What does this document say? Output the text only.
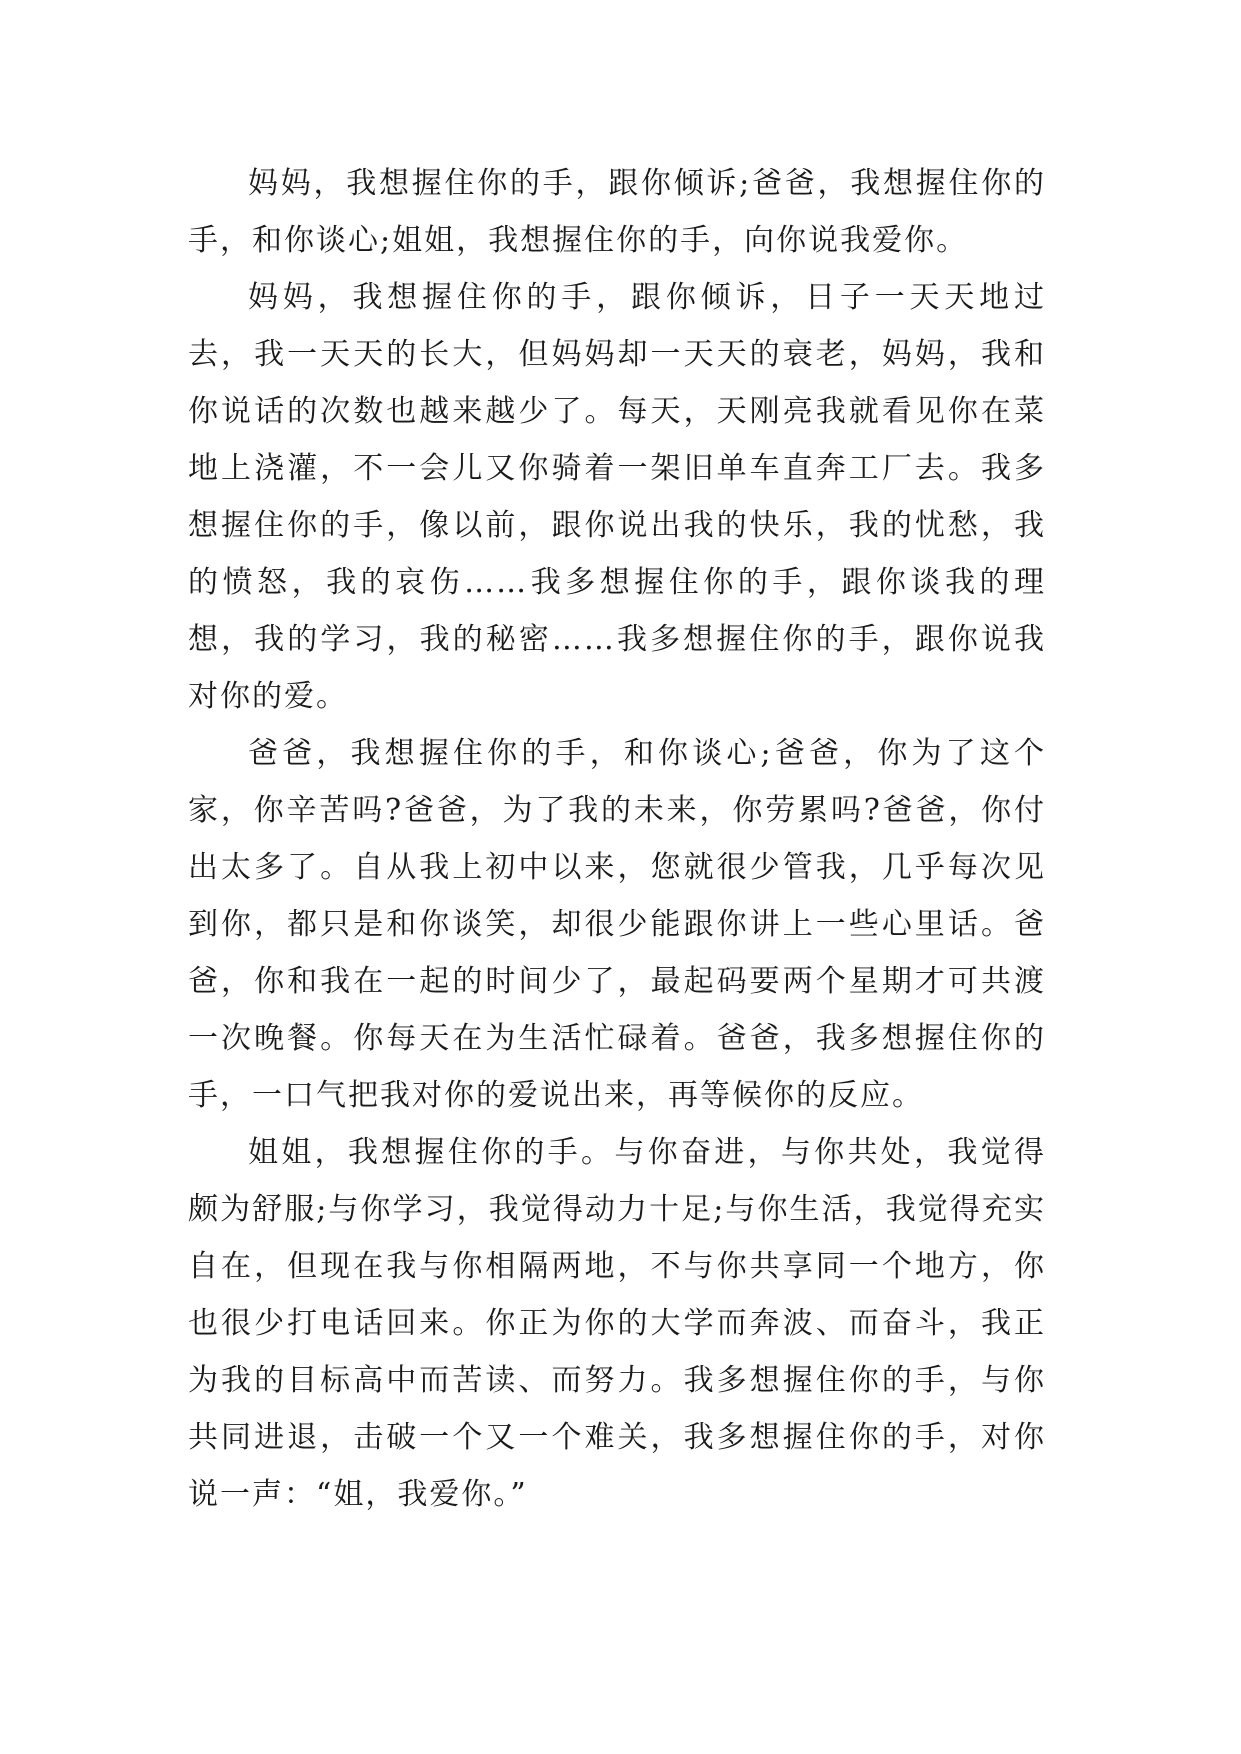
妈妈，我想握住你的手，跟你倾诉;爸爸，我想握住你的手，和你谈心;姐姐，我想握住你的手，向你说我爱你。

妈妈，我想握住你的手，跟你倾诉，日子一天天地过去，我一天天的长大，但妈妈却一天天的衰老，妈妈，我和你说话的次数也越来越少了。每天，天刚亮我就看见你在菜地上浇灌，不一会儿又你骑着一架旧单车直奔工厂去。我多想握住你的手，像以前，跟你说出我的快乐，我的忧愁，我的愤怒，我的哀伤……我多想握住你的手，跟你谈我的理想，我的学习，我的秘密……我多想握住你的手，跟你说我对你的爱。

爸爸，我想握住你的手，和你谈心;爸爸，你为了这个家，你辛苦吗?爸爸，为了我的未来，你劳累吗?爸爸，你付出太多了。自从我上初中以来，您就很少管我，几乎每次见到你，都只是和你谈笑，却很少能跟你讲上一些心里话。爸爸，你和我在一起的时间少了，最起码要两个星期才可共渡一次晚餐。你每天在为生活忙碌着。爸爸，我多想握住你的手，一口气把我对你的爱说出来，再等候你的反应。

姐姐，我想握住你的手。与你奋进，与你共处，我觉得颇为舒服;与你学习，我觉得动力十足;与你生活，我觉得充实自在，但现在我与你相隔两地，不与你共享同一个地方，你也很少打电话回来。你正为你的大学而奔波、而奋斗，我正为我的目标高中而苦读、而努力。我多想握住你的手，与你共同进退，击破一个又一个难关，我多想握住你的手，对你说一声：“姐，我爱你。”
